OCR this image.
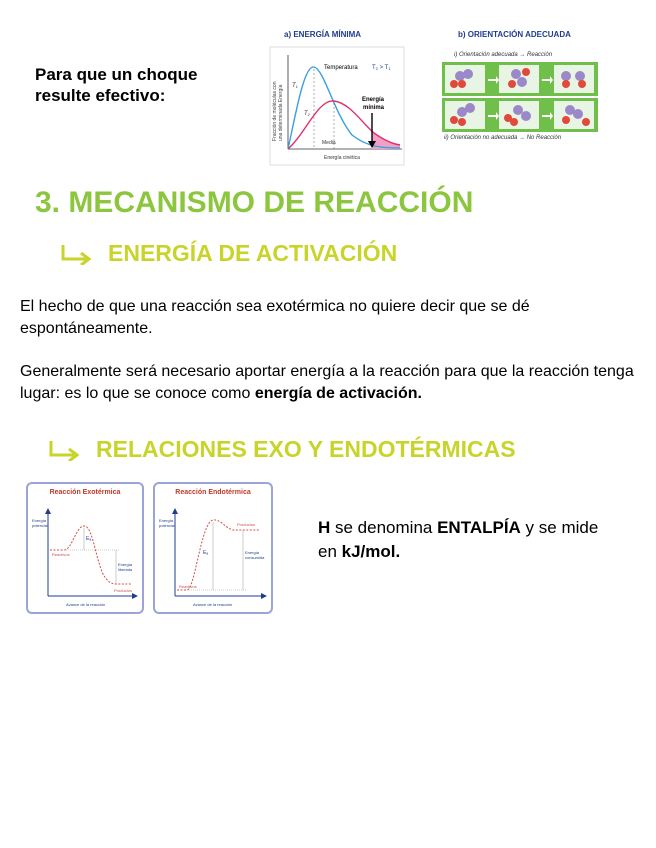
Para que un choque
resulte efectivo:
a) ENERGÍA MÍNIMA
Fracción de moléculas con una determinada Energía T1
T2
Temperatura T2 > T1
Media
Energía
mínima
Energía cinética
b) ORIENTACIÓN ADECUADA
i) Orientación adecuada → Reacción
ii) Orientación no adecuada → No Reacción
3. MECANISMO DE REACCIÓN
ENERGÍA DE ACTIVACIÓN
El hecho de que una reacción sea exotérmica no quiere decir que se dé espontáneamente.
Generalmente será necesario aportar energía a la reacción para que la reacción tenga lugar: es lo que se conoce como energía de activación.
RELACIONES EXO Y ENDOTÉRMICAS
Reacción Exotérmica
Energía
potencial
Eₐ
Reactivos
Productos
Energía
liberada
Avance de la reacción
Reacción Endotérmica
Energía
potencial
Eₐ
Reactivos
Productos
Energía
consumida
Avance de la reacción
H se denomina ENTALPÍA y se mide en kJ/mol.
